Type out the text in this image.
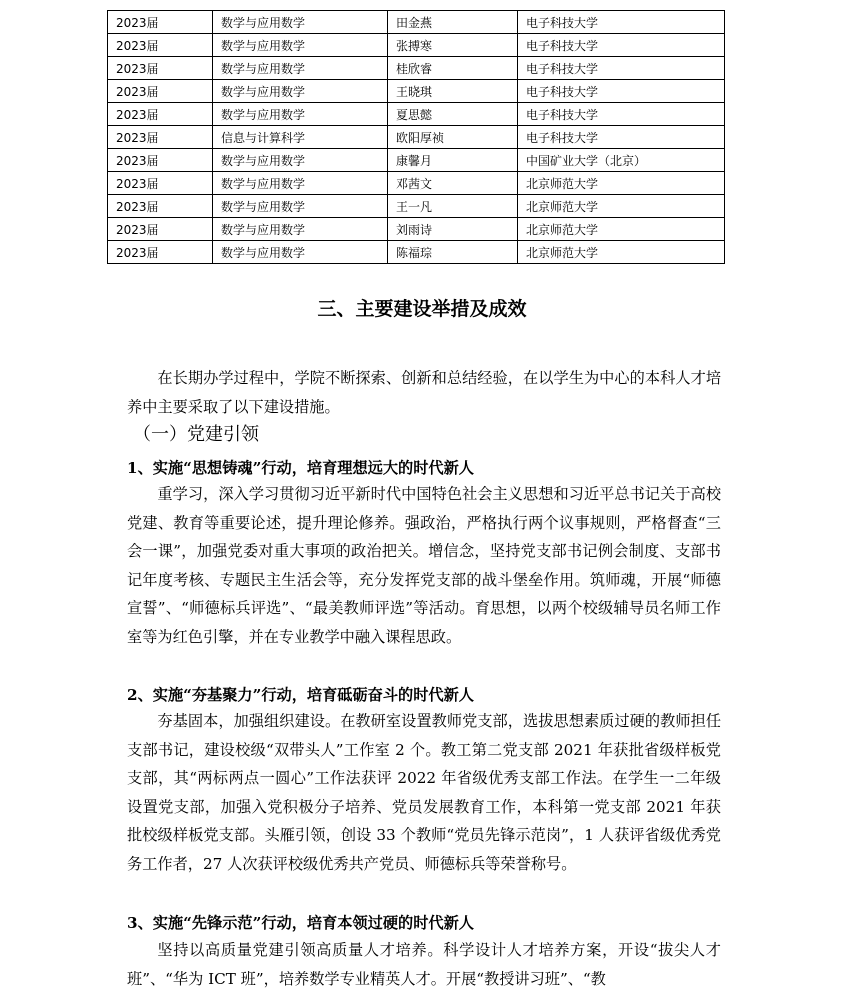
2023届	数学与应用数学	田金燕	电子科技大学
2023届	数学与应用数学	张搏寒	电子科技大学
2023届	数学与应用数学	桂欣睿	电子科技大学
2023届	数学与应用数学	王晓琪	电子科技大学
2023届	数学与应用数学	夏思懿	电子科技大学
2023届	信息与计算科学	欧阳厚祯	电子科技大学
2023届	数学与应用数学	康馨月	中国矿业大学（北京）
2023届	数学与应用数学	邓茜文	北京师范大学
2023届	数学与应用数学	王一凡	北京师范大学
2023届	数学与应用数学	刘雨诗	北京师范大学
2023届	数学与应用数学	陈福琮	北京师范大学
三、主要建设举措及成效

在长期办学过程中，学院不断探索、创新和总结经验，在以学生为中心的本科人才培养中主要采取了以下建设措施。

（一）党建引领
1、实施“思想铸魂”行动，培育理想远大的时代新人

重学习，深入学习贯彻习近平新时代中国特色社会主义思想和习近平总书记关于高校党建、教育等重要论述，提升理论修养。强政治，严格执行两个议事规则，严格督查“三会一课”，加强党委对重大事项的政治把关。增信念，坚持党支部书记例会制度、支部书记年度考核、专题民主生活会等，充分发挥党支部的战斗堡垒作用。筑师魂，开展“师德宣誓”、“师德标兵评选”、“最美教师评选”等活动。育思想，以两个校级辅导员名师工作室等为红色引擎，并在专业教学中融入课程思政。

2、实施“夯基聚力”行动，培育砥砺奋斗的时代新人

夯基固本，加强组织建设。在教研室设置教师党支部，选拔思想素质过硬的教师担任支部书记，建设校级“双带头人”工作室 2 个。教工第二党支部 2021 年获批省级样板党支部，其“两标两点一圆心”工作法获评 2022 年省级优秀支部工作法。在学生一二年级设置党支部，加强入党积极分子培养、党员发展教育工作，本科第一党支部 2021 年获批校级样板党支部。头雁引领，创设 33 个教师“党员先锋示范岗”，1 人获评省级优秀党务工作者，27 人次获评校级优秀共产党员、师德标兵等荣誉称号。

3、实施“先锋示范”行动，培育本领过硬的时代新人

坚持以高质量党建引领高质量人才培养。科学设计人才培养方案，开设“拔尖人才班”、“华为 ICT 班”，培养数学专业精英人才。开展“教授讲习班”、“教
